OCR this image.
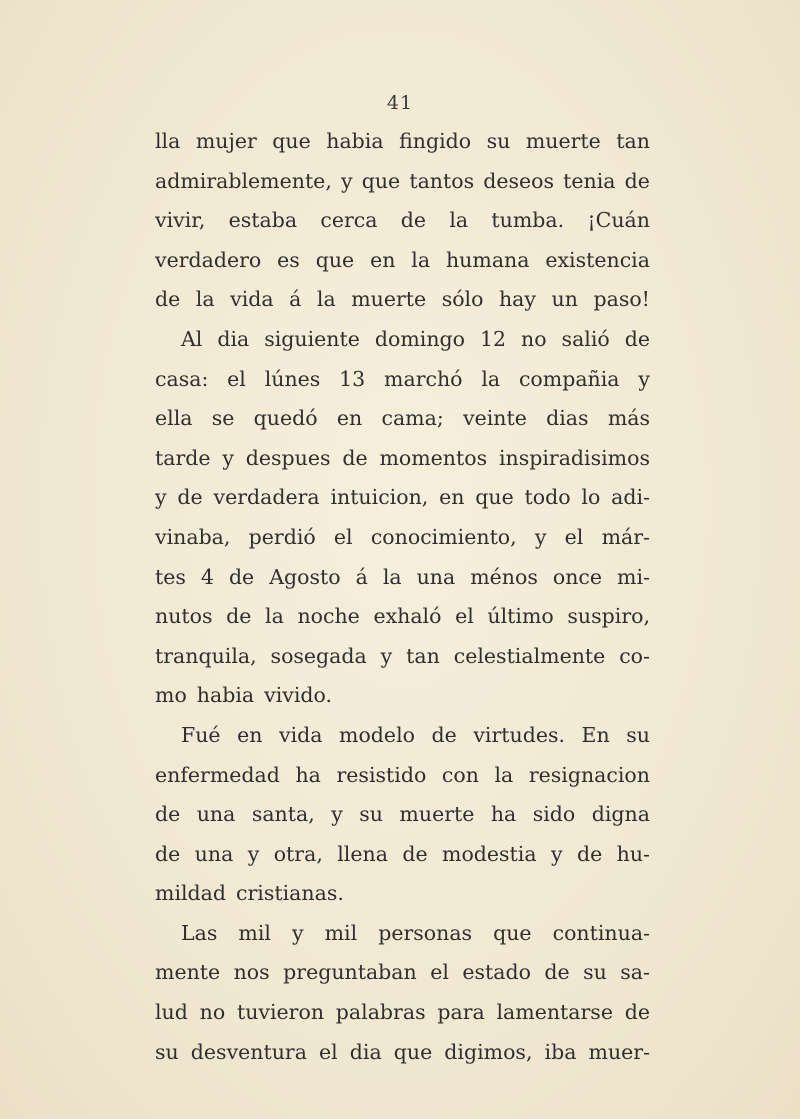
41
lla mujer que habia fingido su muerte tan
admirablemente, y que tantos deseos tenia de
vivir, estaba cerca de la tumba. ¡Cuán
verdadero es que en la humana existencia
de la vida á la muerte sólo hay un paso!
Al dia siguiente domingo 12 no salió de
casa: el lúnes 13 marchó la compañia y
ella se quedó en cama; veinte dias más
tarde y despues de momentos inspiradisimos
y de verdadera intuicion, en que todo lo adi-
vinaba, perdió el conocimiento, y el már-
tes 4 de Agosto á la una ménos once mi-
nutos de la noche exhaló el último suspiro,
tranquila, sosegada y tan celestialmente co-
mo habia vivido.
Fué en vida modelo de virtudes. En su
enfermedad ha resistido con la resignacion
de una santa, y su muerte ha sido digna
de una y otra, llena de modestia y de hu-
mildad cristianas.
Las mil y mil personas que continua-
mente nos preguntaban el estado de su sa-
lud no tuvieron palabras para lamentarse de
su desventura el dia que digimos, iba muer-
